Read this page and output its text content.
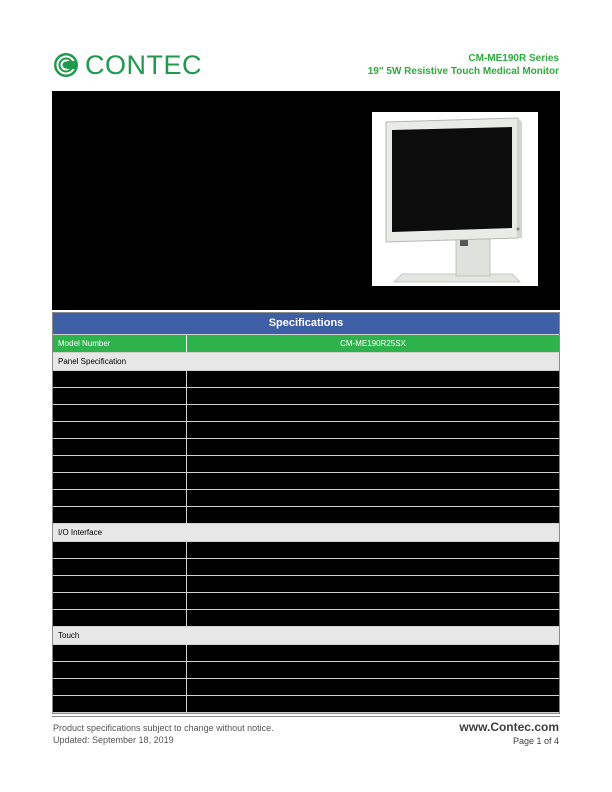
CONTEC	CM-ME190R Series
19" 5W Resistive Touch Medical Monitor
Specifications
Model Number	CM-ME190R25SX
Panel Specification
I/O Interface
Touch
Product specifications subject to change without notice.
Updated: September 18, 2019
www.Contec.com
Page 1 of 4
